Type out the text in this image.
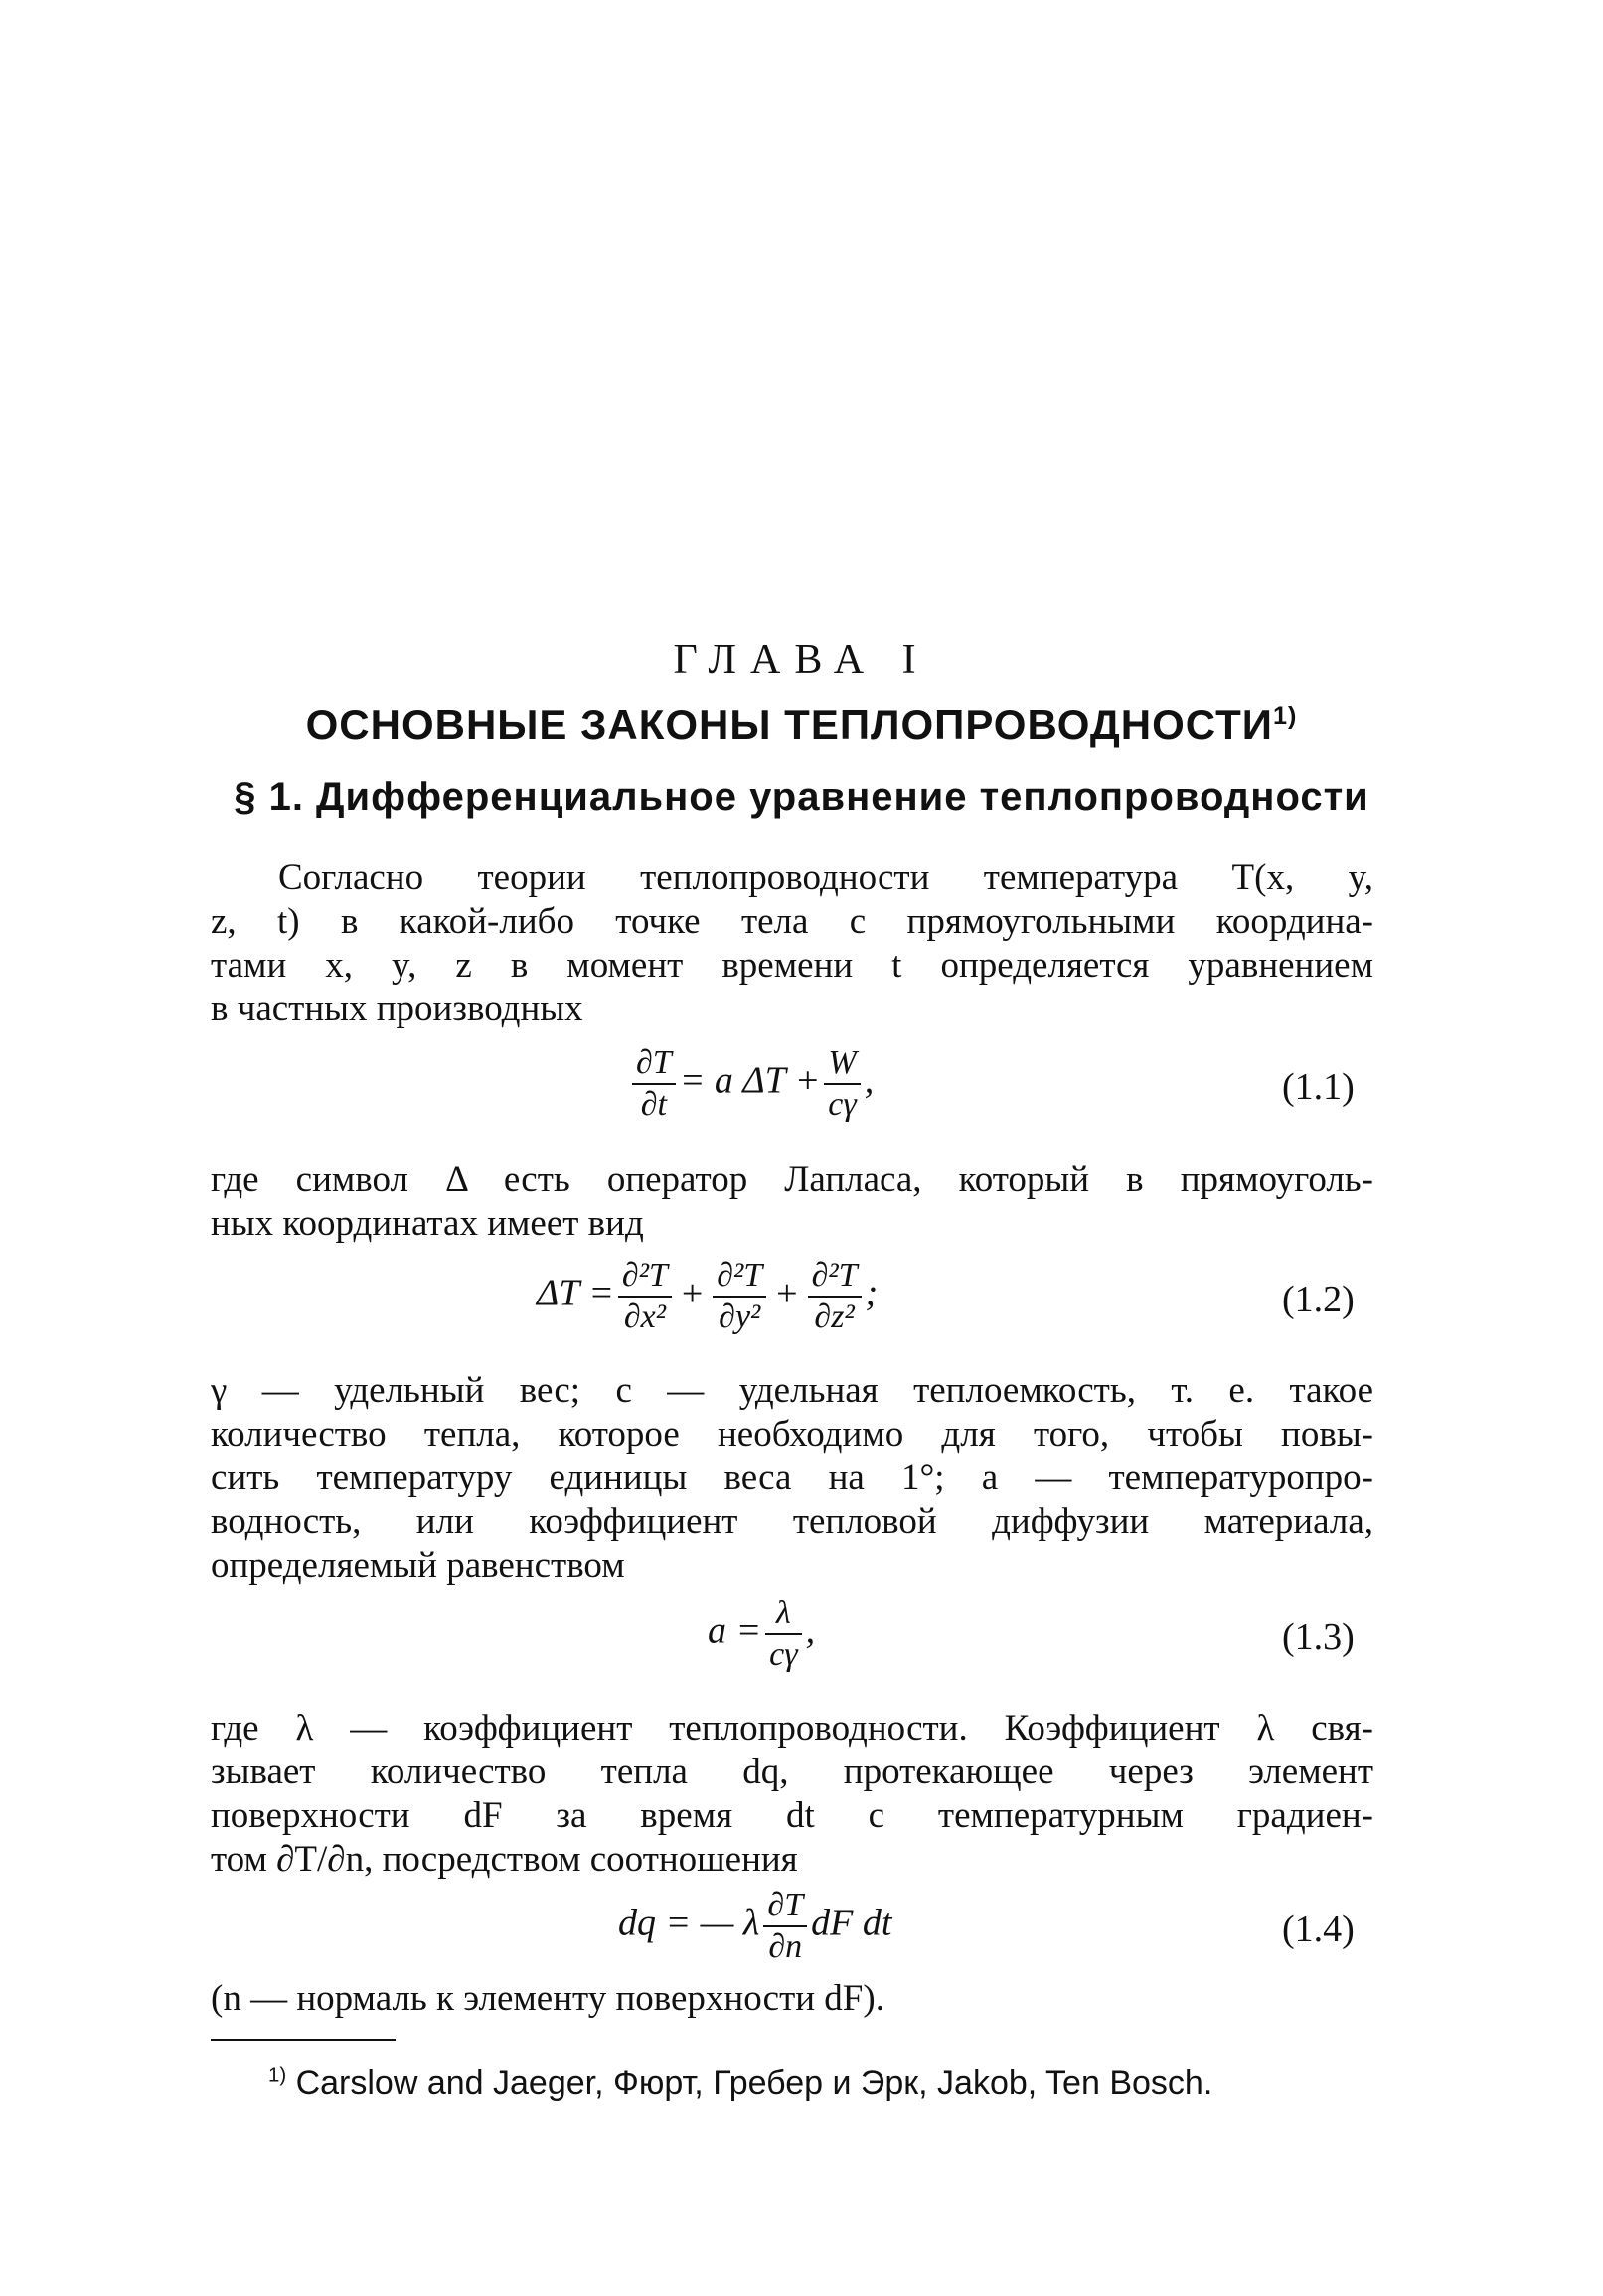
ГЛАВА I
ОСНОВНЫЕ ЗАКОНЫ ТЕПЛОПРОВОДНОСТИ$^{1)}$
§ 1. Дифференциальное уравнение теплопроводности
Согласно теории теплопроводности температура T(x, y,
z, t) в какой-либо точке тела с прямоугольными координа-
тами x, y, z в момент времени t определяется уравнением
в частных производных
$\frac{\partial T}{\partial t} = a$ $\Delta T + \frac{W}{c\gamma}$ ,	(1.1)
где символ Δ есть оператор Лапласа, который в прямоуголь-
ных координатах имеет вид
$\Delta T = \frac{\text{∂²T}}{\text{∂x²}} + \frac{\text{∂²T}}{\text{∂y²}} + \frac{\text{∂²T}}{\text{∂z²}}$ ;	(1.2)
γ — удельный вес; c — удельная теплоемкость, т. е. такое
количество тепла, которое необходимо для того, чтобы повы-
сить температуру единицы веса на 1°; a — температуропро-
водность, или коэффициент тепловой диффузии материала,
определяемый равенством
$a = \frac{\lambda}{c\gamma}$ ,	(1.3)
где λ — коэффициент теплопроводности. Коэффициент λ свя-
зывает количество тепла dq, протекающее через элемент
поверхности dF за время dt с температурным градиен-
том ∂T/∂n, посредством соотношения
dq = — λ $\frac{\partial T}{\partial n}$ dF dt	(1.4)
(n — нормаль к элементу поверхности dF).
$^{1)}$ Carslow and Jaeger, Фюрт, Гребер и Эрк, Jakob, Ten Bosch.
